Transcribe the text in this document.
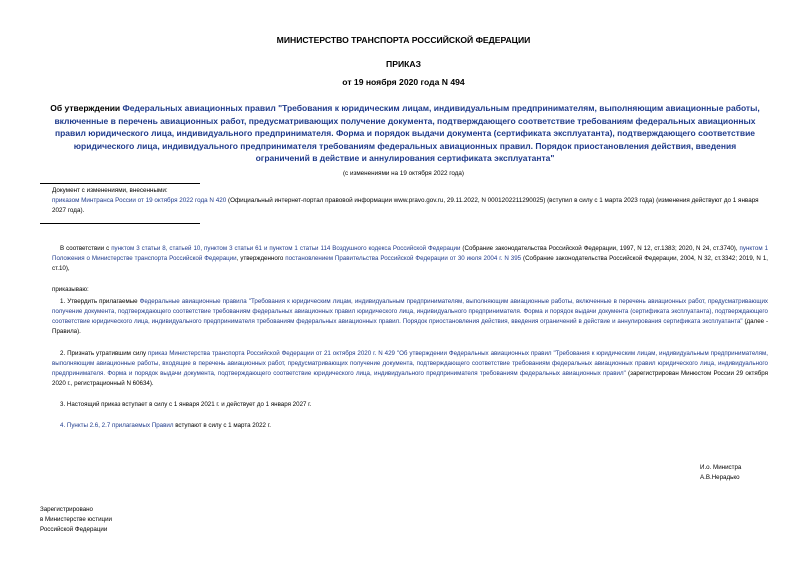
МИНИСТЕРСТВО ТРАНСПОРТА РОССИЙСКОЙ ФЕДЕРАЦИИ
ПРИКАЗ
от 19 ноября 2020 года N 494
Об утверждении Федеральных авиационных правил "Требования к юридическим лицам, индивидуальным предпринимателям, выполняющим авиационные работы, включенные в перечень авиационных работ, предусматривающих получение документа, подтверждающего соответствие требованиям федеральных авиационных правил юридического лица, индивидуального предпринимателя. Форма и порядок выдачи документа (сертификата эксплуатанта), подтверждающего соответствие юридического лица, индивидуального предпринимателя требованиям федеральных авиационных правил. Порядок приостановления действия, введения ограничений в действие и аннулирования сертификата эксплуатанта"
(с изменениями на 19 октября 2022 года)
Документ с изменениями, внесенными:
приказом Минтранса России от 19 октября 2022 года N 420 (Официальный интернет-портал правовой информации www.pravo.gov.ru, 29.11.2022, N 0001202211290025) (вступил в силу с 1 марта 2023 года) (изменения действуют до 1 января 2027 года).
В соответствии с пунктом 3 статьи 8, статьей 10, пунктом 3 статьи 61 и пунктом 1 статьи 114 Воздушного кодекса Российской Федерации (Собрание законодательства Российской Федерации, 1997, N 12, ст.1383; 2020, N 24, ст.3740), пунктом 1 Положения о Министерстве транспорта Российской Федерации, утвержденного постановлением Правительства Российской Федерации от 30 июля 2004 г. N 395 (Собрание законодательства Российской Федерации, 2004, N 32, ст.3342; 2019, N 1, ст.10),
приказываю:
1. Утвердить прилагаемые Федеральные авиационные правила "Требования к юридическим лицам, индивидуальным предпринимателям, выполняющим авиационные работы, включенные в перечень авиационных работ, предусматривающих получение документа, подтверждающего соответствие требованиям федеральных авиационных правил юридического лица, индивидуального предпринимателя. Форма и порядок выдачи документа (сертификата эксплуатанта), подтверждающего соответствие юридического лица, индивидуального предпринимателя требованиям федеральных авиационных правил. Порядок приостановления действия, введения ограничений в действие и аннулирования сертификата эксплуатанта" (далее - Правила).
2. Признать утратившим силу приказ Министерства транспорта Российской Федерации от 21 октября 2020 г. N 429 "Об утверждении Федеральных авиационных правил "Требования к юридическим лицам, индивидуальным предпринимателям, выполняющим авиационные работы, входящие в перечень авиационных работ, предусматривающих получение документа, подтверждающего соответствие требованиям федеральных авиационных правил юридического лица, индивидуального предпринимателя. Форма и порядок выдачи документа, подтверждающего соответствие юридического лица, индивидуального предпринимателя требованиям федеральных авиационных правил" (зарегистрирован Минюстом России 29 октября 2020 г., регистрационный N 60634).
3. Настоящий приказ вступает в силу с 1 января 2021 г. и действует до 1 января 2027 г.
4. Пункты 2.6, 2.7 прилагаемых Правил вступают в силу с 1 марта 2022 г.
И.о. Министра
А.В.Нерадько
Зарегистрировано
в Министерстве юстиции
Российской Федерации
